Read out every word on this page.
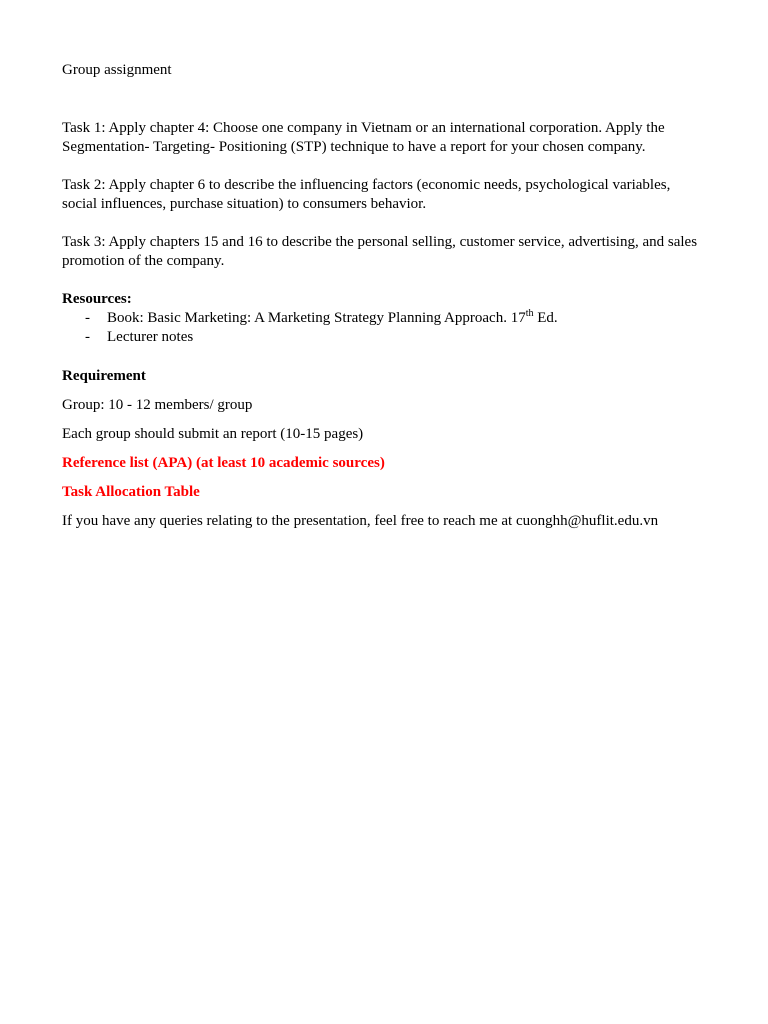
Group assignment

Task 1: Apply chapter 4: Choose one company in Vietnam or an international corporation. Apply the Segmentation- Targeting- Positioning (STP) technique to have a report for your chosen company.

Task 2: Apply chapter 6 to describe the influencing factors (economic needs, psychological variables, social influences, purchase situation) to consumers behavior.

Task 3: Apply chapters 15 and 16 to describe the personal selling, customer service, advertising, and sales promotion of the company.

Resources:

- Book: Basic Marketing: A Marketing Strategy Planning Approach. 17th Ed.
- Lecturer notes

Requirement

Group: 10 - 12 members/ group

Each group should submit an report (10-15 pages)

Reference list (APA) (at least 10 academic sources)

Task Allocation Table

If you have any queries relating to the presentation, feel free to reach me at cuonghh@huflit.edu.vn
